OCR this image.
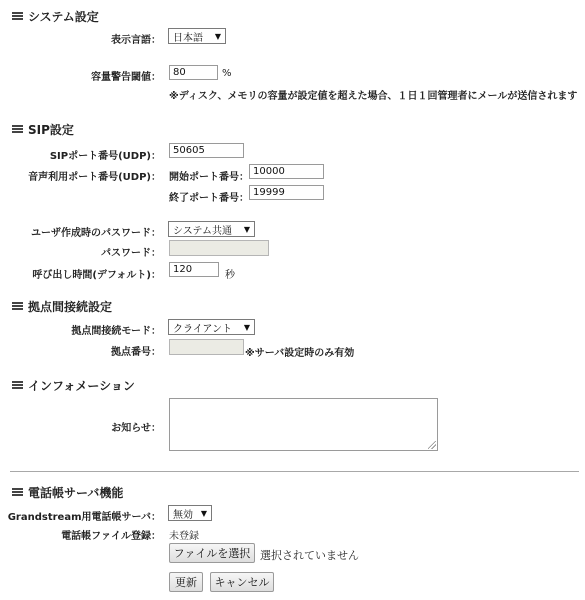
システム設定
表示言語： 日本語 ▼
容量警告閾値：	80	%
※ディスク、メモリの容量が設定値を超えた場合、１日１回管理者にメールが送信されます
SIP設定
SIPポート番号(UDP)：
50605
音声利用ポート番号(UDP)： 開始ポート番号：
10000
終了ポート番号：
19999
ユーザ作成時のパスワード： システム共通 ▼
パスワード：
呼び出し時間(デフォルト)：
120
秒
拠点間接続設定
拠点間接続モード： クライアント ▼
拠点番号：	※サーバ設定時のみ有効
インフォメーション
お知らせ：
電話帳サーバ機能
Grandstream用電話帳サーバ： 無効 ▼
電話帳ファイル登録： 未登録
ファイルを選択 選択されていません
更新	キャンセル
